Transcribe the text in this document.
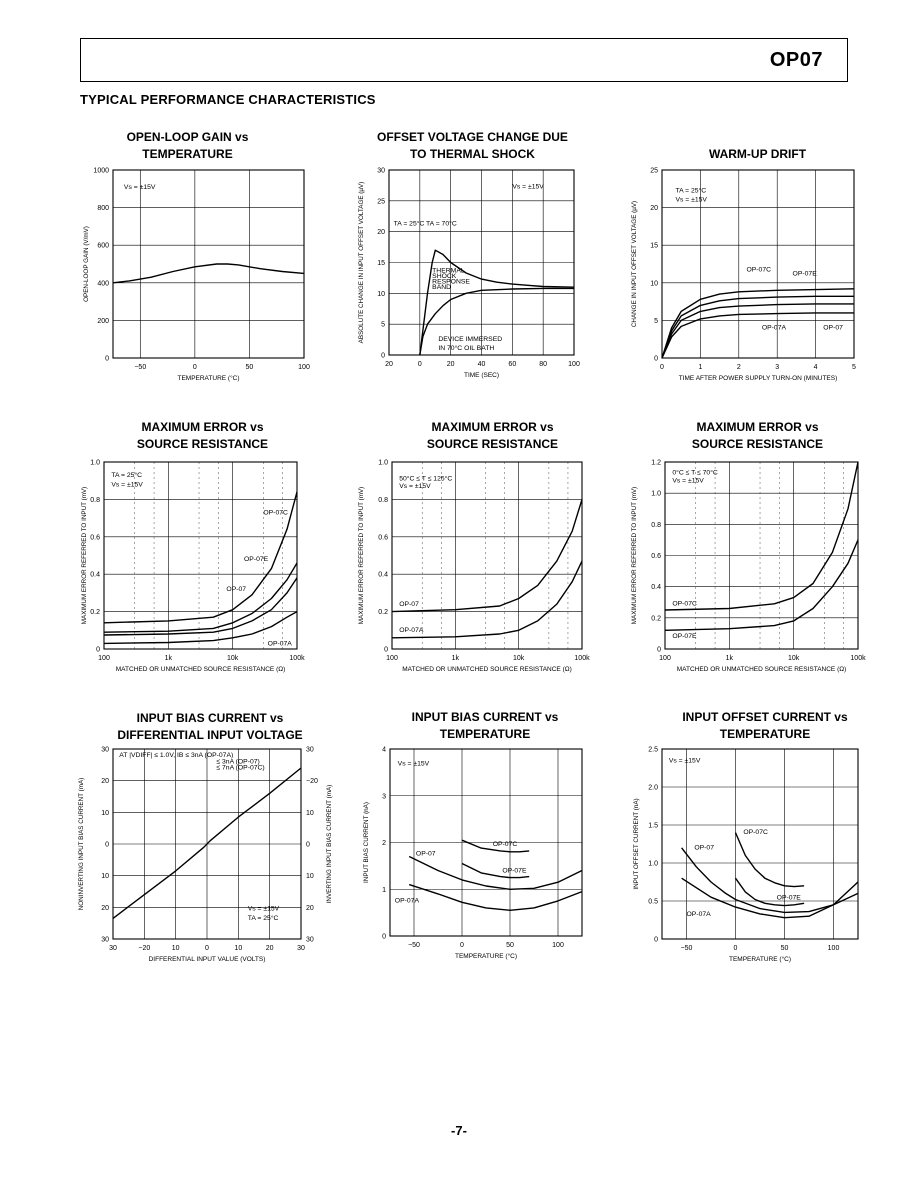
OP07
TYPICAL PERFORMANCE CHARACTERISTICS
OPEN-LOOP GAIN vs
TEMPERATURE
−50	0	50	100
0
200
400
600
800
1000
TEMPERATURE (°C)
OPEN-LOOP GAIN (V/mV)
Vs = ±15V
OFFSET VOLTAGE CHANGE DUE
TO THERMAL SHOCK
20	0	20	40	60	80	100
0
5
10
15
20
25
30
TIME (SEC)
ABSOLUTE CHANGE IN INPUT OFFSET VOLTAGE (µV)	Vs = ±15V
TA = 25°C TA = 70°C
THERMAL
SHOCK
RESPONSE
BAND
DEVICE IMMERSED
IN 70°C OIL BATH
WARM-UP DRIFT
0	1	2	3	4	5
0
5
10
15
20
25
TIME AFTER POWER SUPPLY TURN-ON (MINUTES)
CHANGE IN INPUT OFFSET VOLTAGE (µV)
TA = 25°C
Vs = ±15V
OP-07C
OP-07E
OP-07A	OP-07
MAXIMUM ERROR vs
SOURCE RESISTANCE
100	1k	10k	100k
0
0.2
0.4
0.6
0.8
1.0
MATCHED OR UNMATCHED SOURCE RESISTANCE (Ω)
MAXIMUM ERROR REFERRED TO INPUT (mV)
TA = 25°C
Vs = ±15V
OP-07C
OP-07E
OP-07
OP-07A
MAXIMUM ERROR vs
SOURCE RESISTANCE
100	1k	10k	100k
0
0.2
0.4
0.6
0.8
1.0
MATCHED OR UNMATCHED SOURCE RESISTANCE (Ω)
MAXIMUM ERROR REFERRED TO INPUT (mV)
50°C ≤ T ≤ 125°C
Vs = ±15V
OP-07
OP-07A
MAXIMUM ERROR vs
SOURCE RESISTANCE
100	1k	10k	100k
0
0.2
0.4
0.6
0.8
1.0
1.2
MATCHED OR UNMATCHED SOURCE RESISTANCE (Ω)
MAXIMUM ERROR REFERRED TO INPUT (mV)
0°C ≤ T ≤ 70°C
Vs = ±15V
OP-07C
OP-07E
INPUT BIAS CURRENT vs
DIFFERENTIAL INPUT VOLTAGE
30	−20	10	0	10	20	30
30
20
10
0
10
20
30
30
−20
10
0
10
20
30
DIFFERENTIAL INPUT VALUE (VOLTS)
NONINVERTING INPUT BIAS CURRENT (mA)	INVERTING INPUT BIAS CURRENT (mA)
AT |VDIFF| ≤ 1.0V, IB ≤ 3nA (OP-07A)
≤ 3nA (OP-07)
≤ 7nA (OP-07C)
Vs = ±15V
TA = 25°C
INPUT BIAS CURRENT vs
TEMPERATURE
−50	0	50	100
0
1
2
3
4
TEMPERATURE (°C)
INPUT BIAS CURRENT (nA)
Vs = ±15V
OP-07C
OP-07
OP-07E
OP-07A
INPUT OFFSET CURRENT vs
TEMPERATURE
−50	0	50	100
0
0.5
1.0
1.5
2.0
2.5
TEMPERATURE (°C)
INPUT OFFSET CURRENT (nA)
Vs = ±15V
OP-07C
OP-07
OP-07E
OP-07A
-7-
